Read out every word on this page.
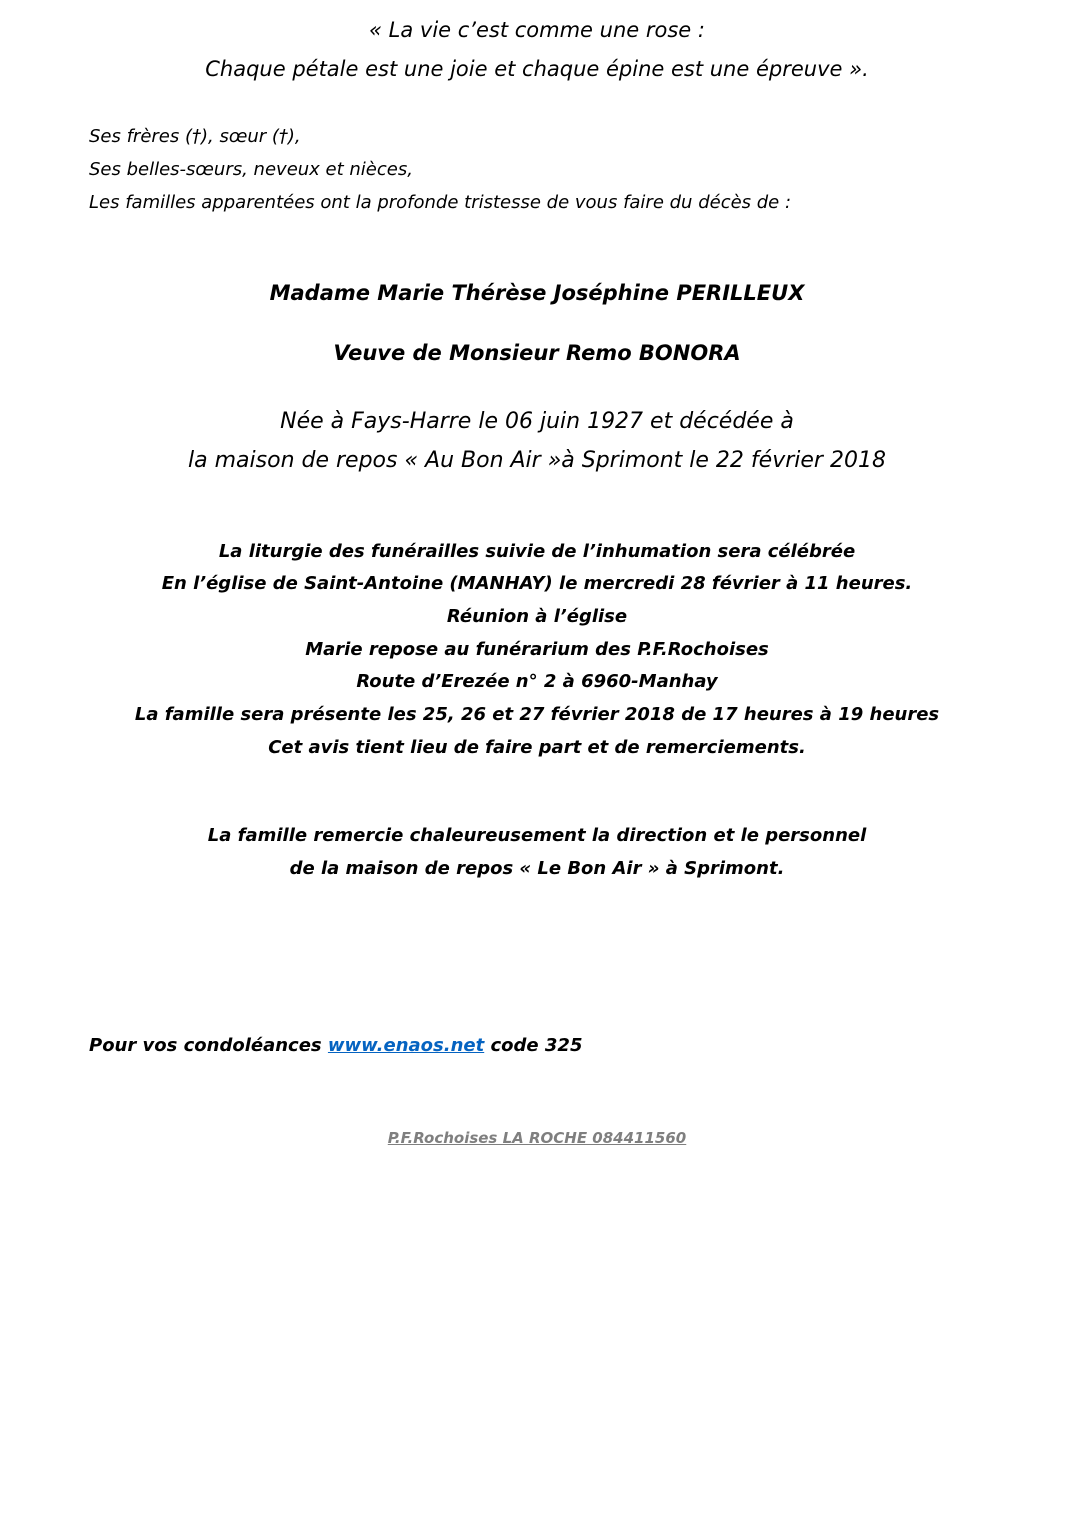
« La vie c’est comme une rose :

Chaque pétale est une joie et chaque épine est une épreuve ».

Ses frères (†), sœur (†),

Ses belles-sœurs, neveux et nièces,

Les familles apparentées ont la profonde tristesse de vous faire du décès de :

Madame Marie Thérèse Joséphine PERILLEUX

Veuve de Monsieur Remo BONORA

Née à Fays-Harre le 06 juin 1927 et décédée à

la maison de repos « Au Bon Air »à Sprimont le 22 février 2018

La liturgie des funérailles suivie de l’inhumation sera célébrée

En l’église de Saint-Antoine (MANHAY) le mercredi 28 février à 11 heures.

Réunion à l’église

Marie repose au funérarium des P.F.Rochoises

Route d’Erezée n° 2 à 6960-Manhay

La famille sera présente les 25, 26 et 27 février 2018 de 17 heures à 19 heures

Cet avis tient lieu de faire part et de remerciements.

La famille remercie chaleureusement la direction et le personnel

de la maison de repos « Le Bon Air » à Sprimont.

Pour vos condoléances www.enaos.net code 325

P.F.Rochoises LA ROCHE 084411560
